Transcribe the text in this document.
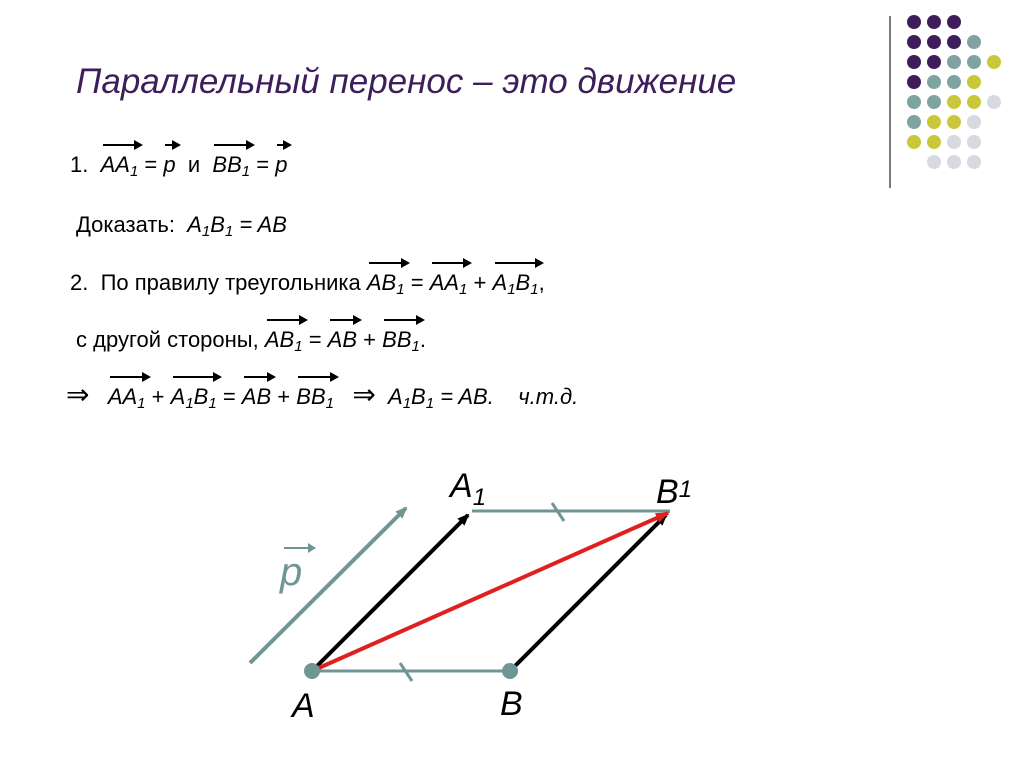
Параллельный перенос – это движение
1. $AA_1 = p$ и $BB_1 = p$
Доказать: $A_1B_1$ = AB
2. По правилу треугольника $AB_1 = AA_1 + A_1B_1$,
с другой стороны, $AB_1$ = AB + $BB_1$.
⇒ $AA_1 + A_1B_1$ = AB + $BB_1$ ⇒ $A_1B_1$ = AB. ч.т.д.
p
A	B
$A_1$	B1
